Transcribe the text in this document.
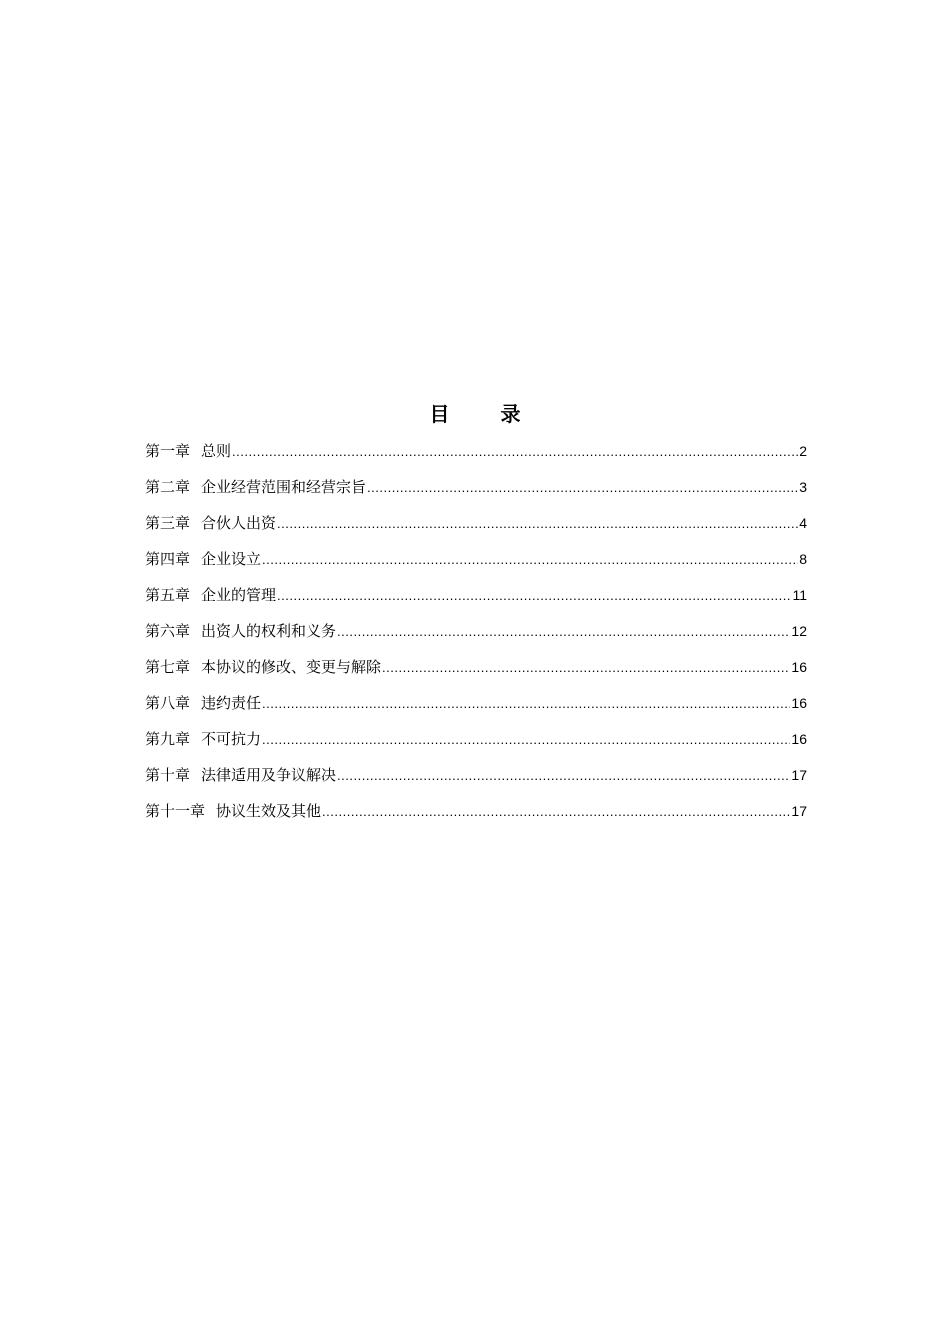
目 录
第一章 总则 .....	2
第二章 企业经营范围和经营宗旨 .....	3
第三章 合伙人出资 .....	4
第四章 企业设立 .....	8
第五章 企业的管理 .....	11
第六章 出资人的权利和义务 .....	12
第七章 本协议的修改、变更与解除 .....	16
第八章 违约责任 .....	16
第九章 不可抗力 .....	16
第十章 法律适用及争议解决 .....	17
第十一章 协议生效及其他 .....	17
